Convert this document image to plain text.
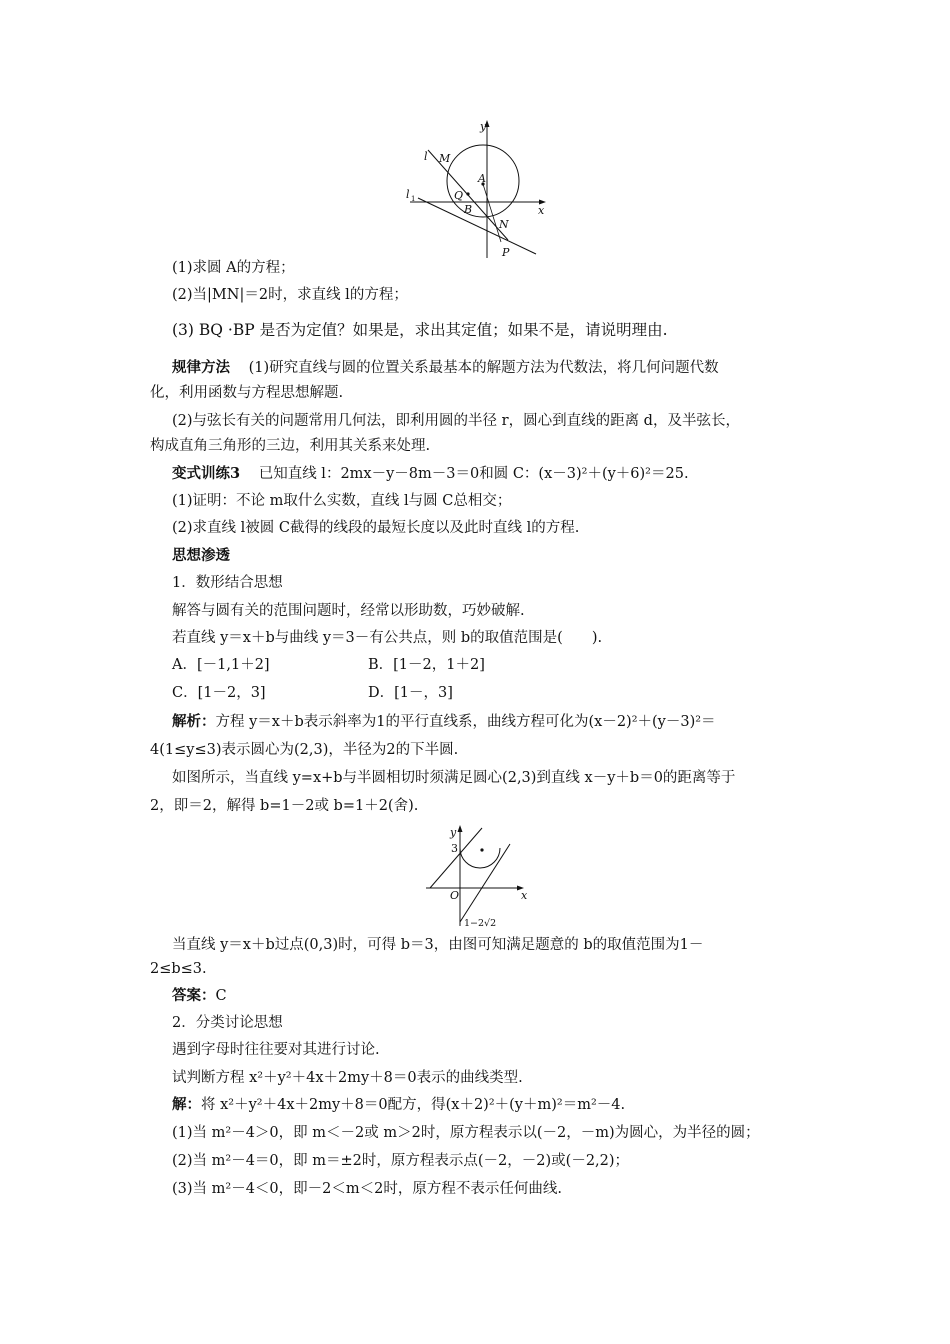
l M
A
Q
B
N
P
l 1
y
x
(1)求圆 A的方程；
(2)当|MN|＝2时，求直线 l的方程；
(3) BQ ·BP 是否为定值？如果是，求出其定值；如果不是，请说明理由.
规律方法 (1)研究直线与圆的位置关系最基本的解题方法为代数法，将几何问题代数
化，利用函数与方程思想解题.
(2)与弦长有关的问题常用几何法，即利用圆的半径 r，圆心到直线的距离 d，及半弦长，
构成直角三角形的三边，利用其关系来处理.
变式训练3 已知直线 l：2mx－y－8m－3＝0和圆 C：(x－3)²＋(y＋6)²＝25.
(1)证明：不论 m取什么实数，直线 l与圆 C总相交；
(2)求直线 l被圆 C截得的线段的最短长度以及此时直线 l的方程.
思想渗透
1．数形结合思想
解答与圆有关的范围问题时，经常以形助数，巧妙破解.
若直线 y＝x＋b与曲线 y＝3－有公共点，则 b的取值范围是(　　).
A．[－1,1＋2]	B．[1－2，1＋2]
C．[1－2，3]	D．[1－，3]
解析：方程 y＝x＋b表示斜率为1的平行直线系，曲线方程可化为(x－2)²＋(y－3)²＝
4(1≤y≤3)表示圆心为(2,3)，半径为2的下半圆.
如图所示，当直线 y=x+b与半圆相切时须满足圆心(2,3)到直线 x－y＋b＝0的距离等于
2，即＝2，解得 b=1－2或 b=1＋2(舍).
y
x
3
O
1−2√2
当直线 y＝x＋b过点(0,3)时，可得 b＝3，由图可知满足题意的 b的取值范围为1－
2≤b≤3.
答案：C
2．分类讨论思想
遇到字母时往往要对其进行讨论.
试判断方程 x²＋y²＋4x＋2my＋8＝0表示的曲线类型.
解：将 x²＋y²＋4x＋2my＋8＝0配方，得(x＋2)²＋(y＋m)²＝m²－4.
(1)当 m²－4＞0，即 m＜－2或 m＞2时，原方程表示以(－2，－m)为圆心，为半径的圆；
(2)当 m²－4＝0，即 m＝±2时，原方程表示点(－2，－2)或(－2,2)；
(3)当 m²－4＜0，即－2＜m＜2时，原方程不表示任何曲线.
